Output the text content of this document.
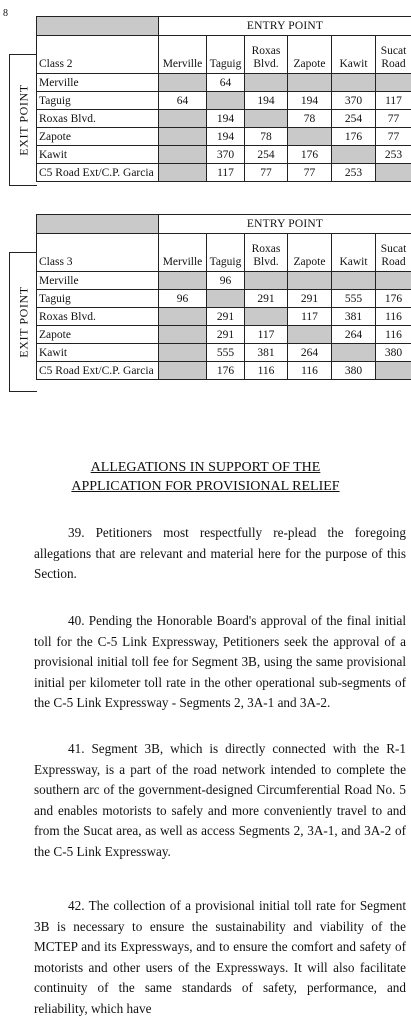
8
EXIT POINT
	ENTRY POINT					
Class 2	Merville	Taguig	Roxas Blvd.	Zapote	Kawit	Sucat Road

Merville		64				
Taguig	64		194	194	370	117
Roxas Blvd.		194		78	254	77
Zapote		194	78		176	77
Kawit		370	254	176		253
C5 Road Ext/C.P. Garcia		117	77	77	253	
EXIT POINT
	ENTRY POINT					
Class 3	Merville	Taguig	Roxas Blvd.	Zapote	Kawit	Sucat Road

Merville		96				
Taguig	96		291	291	555	176
Roxas Blvd.		291		117	381	116
Zapote		291	117		264	116
Kawit		555	381	264		380
C5 Road Ext/C.P. Garcia		176	116	116	380	
ALLEGATIONS IN SUPPORT OF THE
APPLICATION FOR PROVISIONAL RELIEF

39. Petitioners most respectfully re-plead the foregoing allegations that are relevant and material here for the purpose of this Section.

40. Pending the Honorable Board's approval of the final initial toll for the C-5 Link Expressway, Petitioners seek the approval of a provisional initial toll fee for Segment 3B, using the same provisional initial per kilometer toll rate in the other operational sub-segments of the C-5 Link Expressway - Segments 2, 3A-1 and 3A-2.

41. Segment 3B, which is directly connected with the R-1 Expressway, is a part of the road network intended to complete the southern arc of the government-designed Circumferential Road No. 5 and enables motorists to safely and more conveniently travel to and from the Sucat area, as well as access Segments 2, 3A-1, and 3A-2 of the C-5 Link Expressway.

42. The collection of a provisional initial toll rate for Segment 3B is necessary to ensure the sustainability and viability of the MCTEP and its Expressways, and to ensure the comfort and safety of motorists and other users of the Expressways. It will also facilitate continuity of the same standards of safety, performance, and reliability, which have
